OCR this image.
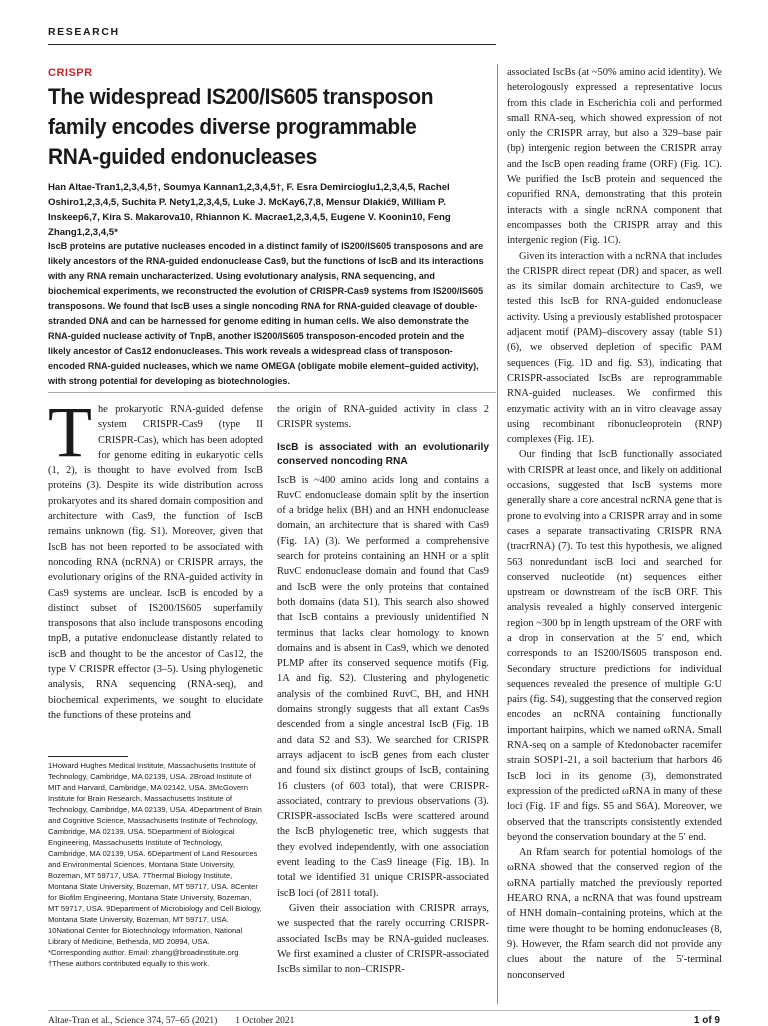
RESEARCH
CRISPR
The widespread IS200/IS605 transposon family encodes diverse programmable RNA-guided endonucleases
Han Altae-Tran1,2,3,4,5†, Soumya Kannan1,2,3,4,5†, F. Esra Demircioglu1,2,3,4,5, Rachel Oshiro1,2,3,4,5, Suchita P. Nety1,2,3,4,5, Luke J. McKay6,7,8, Mensur Dlakić9, William P. Inskeep6,7, Kira S. Makarova10, Rhiannon K. Macrae1,2,3,4,5, Eugene V. Koonin10, Feng Zhang1,2,3,4,5*
IscB proteins are putative nucleases encoded in a distinct family of IS200/IS605 transposons and are likely ancestors of the RNA-guided endonuclease Cas9, but the functions of IscB and its interactions with any RNA remain uncharacterized. Using evolutionary analysis, RNA sequencing, and biochemical experiments, we reconstructed the evolution of CRISPR-Cas9 systems from IS200/IS605 transposons. We found that IscB uses a single noncoding RNA for RNA-guided cleavage of double-stranded DNA and can be harnessed for genome editing in human cells. We also demonstrate the RNA-guided nuclease activity of TnpB, another IS200/IS605 transposon-encoded protein and the likely ancestor of Cas12 endonucleases. This work reveals a widespread class of transposon-encoded RNA-guided nucleases, which we name OMEGA (obligate mobile element–guided activity), with strong potential for developing as biotechnologies.
T he prokaryotic RNA-guided defense system CRISPR-Cas9 (type II CRISPR-Cas), which has been adopted for genome editing in eukaryotic cells (1, 2), is thought to have evolved from IscB proteins (3). Despite its wide distribution across prokaryotes and its shared domain composition and architecture with Cas9, the function of IscB remains unknown (fig. S1). Moreover, given that IscB has not been reported to be associated with noncoding RNA (ncRNA) or CRISPR arrays, the evolutionary origins of the RNA-guided activity in Cas9 systems are unclear. IscB is encoded by a distinct subset of IS200/IS605 superfamily transposons that also include transposons encoding tnpB, a putative endonuclease distantly related to iscB and thought to be the ancestor of Cas12, the type V CRISPR effector (3–5). Using phylogenetic analysis, RNA sequencing (RNA-seq), and biochemical experiments, we sought to elucidate the functions of these proteins and

1Howard Hughes Medical Institute, Massachusetts Institute of Technology, Cambridge, MA 02139, USA. 2Broad Institute of MIT and Harvard, Cambridge, MA 02142, USA. 3McGovern Institute for Brain Research, Massachusetts Institute of Technology, Cambridge, MA 02139, USA. 4Department of Brain and Cognitive Science, Massachusetts Institute of Technology, Cambridge, MA 02139, USA. 5Department of Biological Engineering, Massachusetts Institute of Technology, Cambridge, MA 02139, USA. 6Department of Land Resources and Environmental Sciences, Montana State University, Bozeman, MT 59717, USA. 7Thermal Biology Institute, Montana State University, Bozeman, MT 59717, USA. 8Center for Biofilm Engineering, Montana State University, Bozeman, MT 59717, USA. 9Department of Microbiology and Cell Biology, Montana State University, Bozeman, MT 59717, USA. 10National Center for Biotechnology Information, National Library of Medicine, Bethesda, MD 20894, USA.

*Corresponding author. Email: zhang@broadinstitute.org

†These authors contributed equally to this work.

the origin of RNA-guided activity in class 2 CRISPR systems.

IscB is associated with an evolutionarily conserved noncoding RNA

IscB is ~400 amino acids long and contains a RuvC endonuclease domain split by the insertion of a bridge helix (BH) and an HNH endonuclease domain, an architecture that is shared with Cas9 (Fig. 1A) (3). We performed a comprehensive search for proteins containing an HNH or a split RuvC endonuclease domain and found that Cas9 and IscB were the only proteins that contained both domains (data S1). This search also showed that IscB contains a previously unidentified N terminus that lacks clear homology to known domains and is absent in Cas9, which we denoted PLMP after its conserved sequence motifs (Fig. 1A and fig. S2). Clustering and phylogenetic analysis of the combined RuvC, BH, and HNH domains strongly suggests that all extant Cas9s descended from a single ancestral IscB (Fig. 1B and data S2 and S3). We searched for CRISPR arrays adjacent to iscB genes from each cluster and found six distinct groups of IscB, containing 16 clusters (of 603 total), that were CRISPR-associated, contrary to previous observations (3). CRISPR-associated IscBs were scattered around the IscB phylogenetic tree, which suggests that they evolved independently, with one association event leading to the Cas9 lineage (Fig. 1B). In total we identified 31 unique CRISPR-associated iscB loci (of 2811 total).

Given their association with CRISPR arrays, we suspected that the rarely occurring CRISPR-associated IscBs may be RNA-guided nucleases. We first examined a cluster of CRISPR-associated IscBs similar to non–CRISPR-

associated IscBs (at ~50% amino acid identity). We heterologously expressed a representative locus from this clade in Escherichia coli and performed small RNA-seq, which showed expression of not only the CRISPR array, but also a 329–base pair (bp) intergenic region between the CRISPR array and the IscB open reading frame (ORF) (Fig. 1C). We purified the IscB protein and sequenced the copurified RNA, demonstrating that this protein interacts with a single ncRNA component that encompasses both the CRISPR array and this intergenic region (Fig. 1C).

Given its interaction with a ncRNA that includes the CRISPR direct repeat (DR) and spacer, as well as its similar domain architecture to Cas9, we tested this IscB for RNA-guided endonuclease activity. Using a previously established protospacer adjacent motif (PAM)–discovery assay (table S1) (6), we observed depletion of specific PAM sequences (Fig. 1D and fig. S3), indicating that CRISPR-associated IscBs are reprogrammable RNA-guided nucleases. We confirmed this enzymatic activity with an in vitro cleavage assay using recombinant ribonucleoprotein (RNP) complexes (Fig. 1E).

Our finding that IscB functionally associated with CRISPR at least once, and likely on additional occasions, suggested that IscB systems more generally share a core ancestral ncRNA gene that is prone to evolving into a CRISPR array and in some cases a separate transactivating CRISPR RNA (tracrRNA) (7). To test this hypothesis, we aligned 563 nonredundant iscB loci and searched for conserved nucleotide (nt) sequences either upstream or downstream of the iscB ORF. This analysis revealed a highly conserved intergenic region ~300 bp in length upstream of the ORF with a drop in conservation at the 5′ end, which corresponds to an IS200/IS605 transposon end. Secondary structure predictions for individual sequences revealed the presence of multiple G:U pairs (fig. S4), suggesting that the conserved region encodes an ncRNA containing functionally important hairpins, which we named ωRNA. Small RNA-seq on a sample of Ktedonobacter racemifer strain SOSP1-21, a soil bacterium that harbors 46 IscB loci in its genome (3), demonstrated expression of the predicted ωRNA in many of these loci (Fig. 1F and figs. S5 and S6A). Moreover, we observed that the transcripts consistently extended beyond the conservation boundary at the 5′ end.

An Rfam search for potential homologs of the ωRNA showed that the conserved region of the ωRNA partially matched the previously reported HEARO RNA, a ncRNA that was found upstream of HNH domain–containing proteins, which at the time were thought to be homing endonucleases (8, 9). However, the Rfam search did not provide any clues about the nature of the 5′-terminal nonconserved

Altae-Tran et al., Science 374, 57–65 (2021) 1 October 2021	1 of 9
